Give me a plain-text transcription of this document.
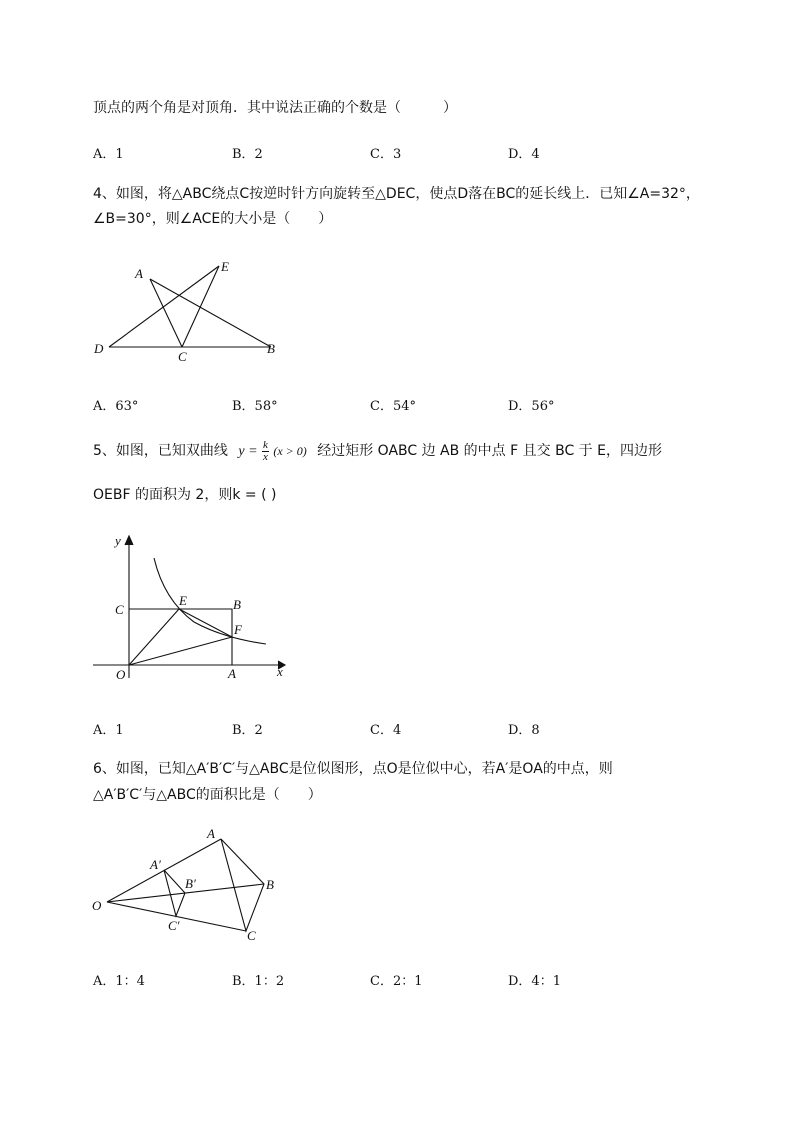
顶点的两个角是对顶角．其中说法正确的个数是（　　　）
A．1	B．2	C．3	D．4
4、如图，将△ABC绕点C按逆时针方向旋转至△DEC，使点D落在BC的延长线上．已知∠A=32°，
∠B=30°，则∠ACE的大小是（　　）
A	E
D
C
B
A．63°	B．58°	C．54°	D．56°
5、如图，已知双曲线 $y = \frac{k}{x} (x > 0)$ 经过矩形 OABC 边 AB 的中点 F 且交 BC 于 E，四边形
OEBF 的面积为 2，则k = ( )
y
x
C
E	B
F
O	A
A．1	B．2	C．4	D．8
6、如图，已知△A′B′C′与△ABC是位似图形，点O是位似中心，若A′是OA的中点，则
△A′B′C′与△ABC的面积比是（　　）
A
A′
B′	B
O
C′
C
A．1：4	B．1：2	C．2：1	D．4：1
